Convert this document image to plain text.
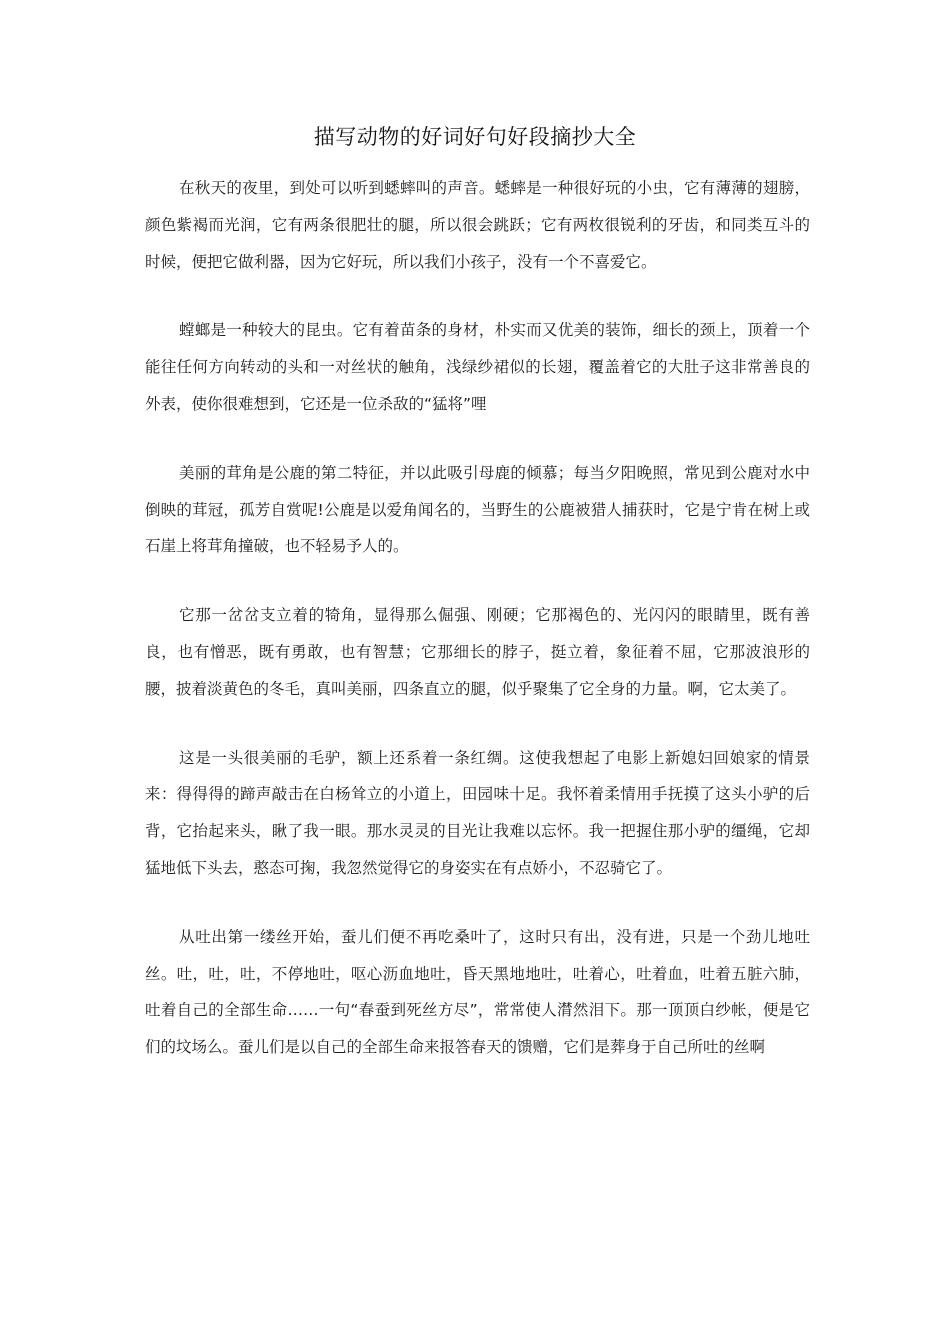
描写动物的好词好句好段摘抄大全

在秋天的夜里，到处可以听到蟋蟀叫的声音。蟋蟀是一种很好玩的小虫，它有薄薄的翅膀，颜色紫褐而光润，它有两条很肥壮的腿，所以很会跳跃；它有两枚很锐利的牙齿，和同类互斗的时候，便把它做利器，因为它好玩，所以我们小孩子，没有一个不喜爱它。

螳螂是一种较大的昆虫。它有着苗条的身材，朴实而又优美的装饰，细长的颈上，顶着一个能往任何方向转动的头和一对丝状的触角，浅绿纱裙似的长翅，覆盖着它的大肚子这非常善良的外表，使你很难想到，它还是一位杀敌的“猛将”哩

美丽的茸角是公鹿的第二特征，并以此吸引母鹿的倾慕；每当夕阳晚照，常见到公鹿对水中倒映的茸冠，孤芳自赏呢!公鹿是以爱角闻名的，当野生的公鹿被猎人捕获时，它是宁肯在树上或石崖上将茸角撞破，也不轻易予人的。

它那一岔岔支立着的犄角，显得那么倔强、刚硬；它那褐色的、光闪闪的眼睛里，既有善良，也有憎恶，既有勇敢，也有智慧；它那细长的脖子，挺立着，象征着不屈，它那波浪形的腰，披着淡黄色的冬毛，真叫美丽，四条直立的腿，似乎聚集了它全身的力量。啊，它太美了。

这是一头很美丽的毛驴，额上还系着一条红绸。这使我想起了电影上新媳妇回娘家的情景来：得得得的蹄声敲击在白杨耸立的小道上，田园味十足。我怀着柔情用手抚摸了这头小驴的后背，它抬起来头，瞅了我一眼。那水灵灵的目光让我难以忘怀。我一把握住那小驴的缰绳，它却猛地低下头去，憨态可掬，我忽然觉得它的身姿实在有点娇小，不忍骑它了。

从吐出第一缕丝开始，蚕儿们便不再吃桑叶了，这时只有出，没有进，只是一个劲儿地吐丝。吐，吐，吐，不停地吐，呕心沥血地吐，昏天黑地地吐，吐着心，吐着血，吐着五脏六肺，吐着自己的全部生命……一句“春蚕到死丝方尽”，常常使人潸然泪下。那一顶顶白纱帐，便是它们的坟场么。蚕儿们是以自己的全部生命来报答春天的馈赠，它们是葬身于自己所吐的丝啊
